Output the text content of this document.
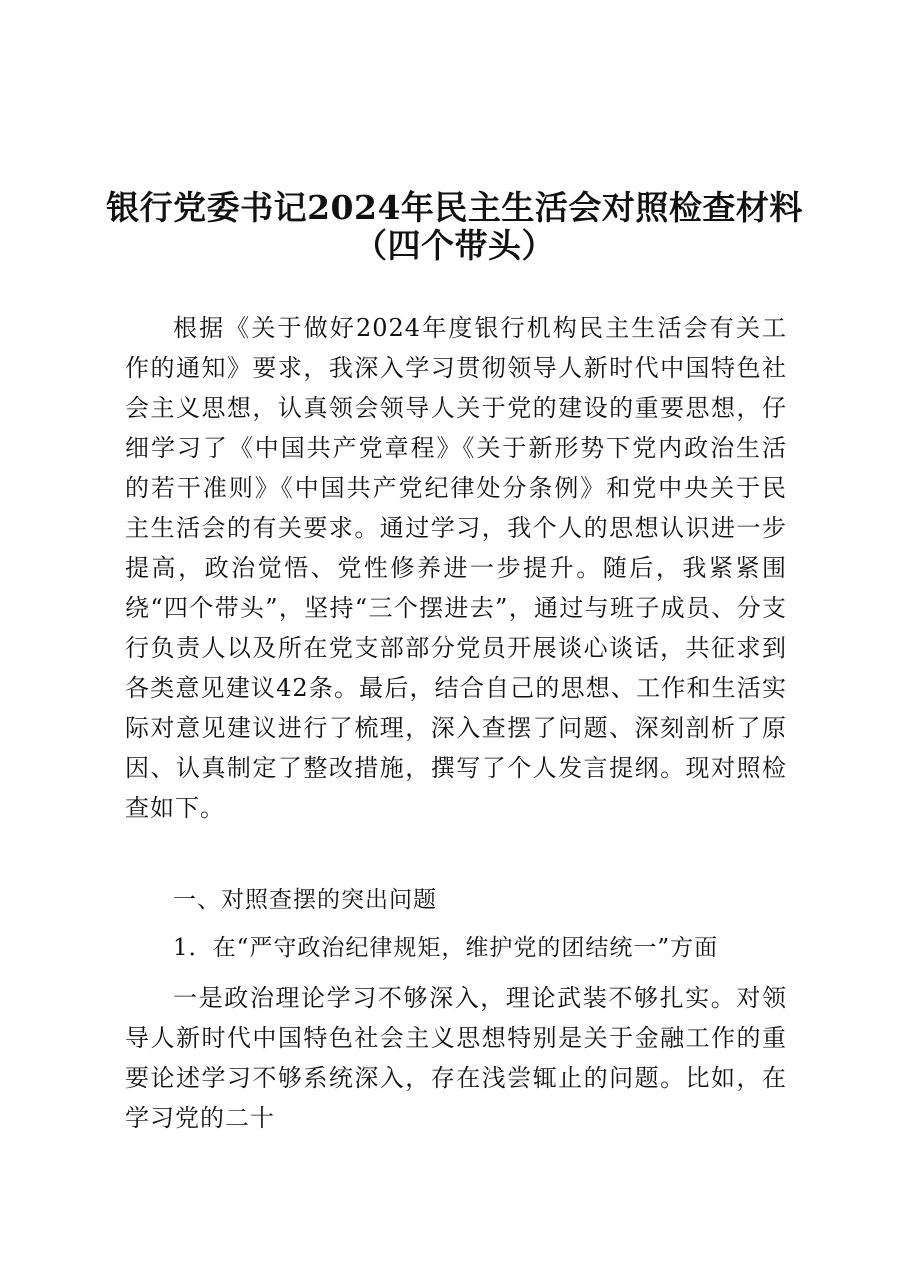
银行党委书记2024年民主生活会对照检查材料
（四个带头）
根据《关于做好2024年度银行机构民主生活会有关工作的通知》要求，我深入学习贯彻领导人新时代中国特色社会主义思想，认真领会领导人关于党的建设的重要思想，仔细学习了《中国共产党章程》《关于新形势下党内政治生活的若干准则》《中国共产党纪律处分条例》和党中央关于民主生活会的有关要求。通过学习，我个人的思想认识进一步提高，政治觉悟、党性修养进一步提升。随后，我紧紧围绕“四个带头”，坚持“三个摆进去”，通过与班子成员、分支行负责人以及所在党支部部分党员开展谈心谈话，共征求到各类意见建议42条。最后，结合自己的思想、工作和生活实际对意见建议进行了梳理，深入查摆了问题、深刻剖析了原因、认真制定了整改措施，撰写了个人发言提纲。现对照检查如下。
一、对照查摆的突出问题
1．在“严守政治纪律规矩，维护党的团结统一”方面
一是政治理论学习不够深入，理论武装不够扎实。对领导人新时代中国特色社会主义思想特别是关于金融工作的重要论述学习不够系统深入，存在浅尝辄止的问题。比如，在学习党的二十
